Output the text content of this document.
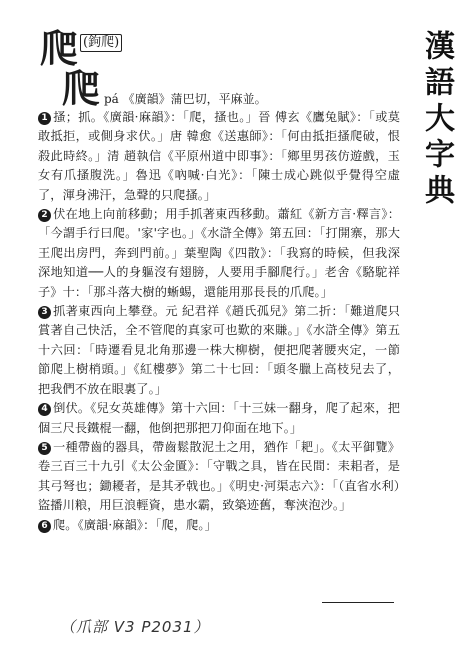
漢語大字典
爬 (鉤爬)
爬 pá 《廣韻》蒲巴切，平麻並。

1 搔；抓。《廣韻·麻韻》：「爬，搔也。」晉 傅玄《鷹兔賦》：「或莫敢抵拒，或側身求伏。」唐 韓愈《送惠師》：「何由抵拒搔爬破，恨殺此時終。」清 趙執信《平原州道中即事》：「鄉里男孩仿遊戲，玉女有爪搔腹洗。」魯迅《吶喊·白光》：「陳士成心跳似乎覺得空虛了，渾身沸汗，急聲的只爬搔。」

2 伏在地上向前移動；用手抓著東西移動。蕭紅《新方言·釋言》：「今謂手行曰爬。'家'字也。」《水滸全傳》第五回：「打開寨，那大王爬出房門，奔到門前。」葉聖陶《四散》：「我寫的時候，但我深深地知道──人的身軀沒有翅膀，人要用手腳爬行。」老舍《駱駝祥子》十：「那斗落大樹的蜥蜴，還能用那長長的爪爬。」

3 抓著東西向上攀登。元 紀君祥《趙氏孤兒》第二折：「難道爬只賞著自己快活，全不管爬的真家可也歎的來賺。」《水滸全傳》第五十六回：「時遷看見北角那邊一株大柳樹，便把爬著腰夾定，一節節爬上樹梢頭。」《紅樓夢》第二十七回：「頭冬臘上高枝兒去了，把我們不放在眼裏了。」

4 倒伏。《兒女英雄傳》第十六回：「十三妹一翻身，爬了起來，把個三尺長鐵棍一翻，他倒把那把刀仰面在地下。」

5 一種帶齒的器具，帶齒鬆散泥土之用，猶作「耙」。《太平御覽》卷三百三十九引《太公金匱》：「守戰之具，皆在民間：耒耜者，是其弓弩也；鋤耰者，是其矛戟也。」《明史·河渠志六》：「（直省水利）盜播川粮，用巨浪輕資，患水霸，致築迹舊，奪浹泡沙。」

6 爬。《廣韻·麻韻》：「爬，爬。」

（爪部 V3 P2031）
